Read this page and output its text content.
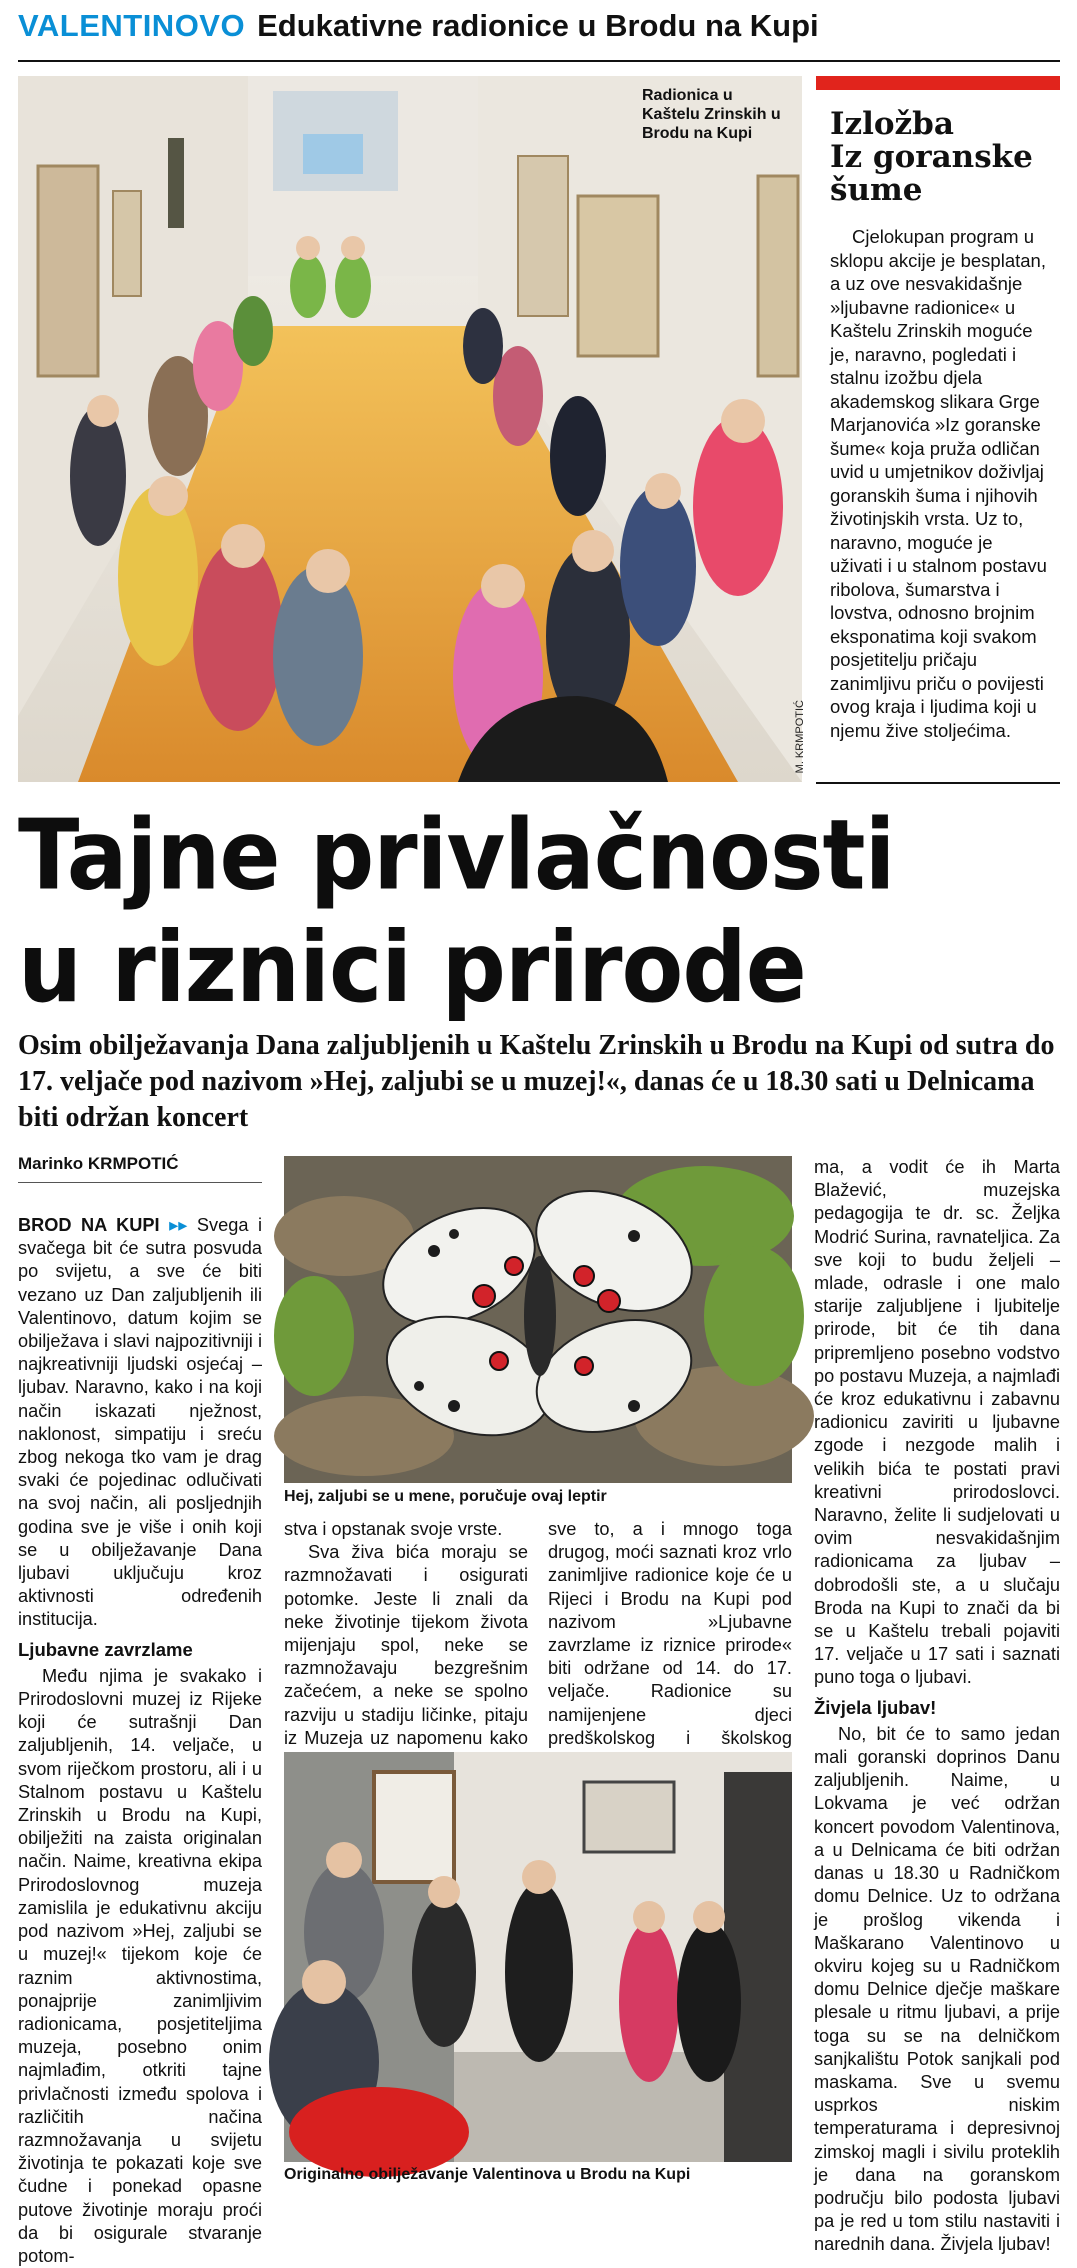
VALENTINOVO Edukativne radionice u Brodu na Kupi
Radionica u Kaštelu Zrinskih u Brodu na Kupi
M. KRMPOTIĆ
Izložba
Iz goranske
šume
Cjelokupan program u sklopu akcije je besplatan, a uz ove nesvakidašnje »ljubavne radionice« u Kaštelu Zrinskih moguće je, naravno, pogledati i stalnu izožbu djela akademskog slikara Grge Marjanovića »Iz goranske šume« koja pruža odličan uvid u umjetnikov doživljaj goranskih šuma i njihovih životinjskih vrsta. Uz to, naravno, moguće je uživati i u stalnom postavu ribolova, šumarstva i lovstva, odnosno brojnim eksponatima koji svakom posjetitelju pričaju zanimljivu priču o povijesti ovog kraja i ljudima koji u njemu žive stoljećima.
Tajne privlačnosti
u riznici prirode
Osim obilježavanja Dana zaljubljenih u Kaštelu Zrinskih u Brodu na Kupi od sutra do 17. veljače pod nazivom »Hej, zaljubi se u muzej!«, danas će u 18.30 sati u Delnicama biti održan koncert
Marinko KRMPOTIĆ

BROD NA KUPI ▸▸ Svega i svačega bit će sutra posvuda po svijetu, a sve će biti vezano uz Dan zaljubljenih ili Valentinovo, datum kojim se obilježava i slavi najpozitivniji i najkreativniji ljudski osjećaj – ljubav. Naravno, kako i na koji način iskazati nježnost, naklonost, simpatiju i sreću zbog nekoga tko vam je drag svaki će pojedinac odlučivati na svoj način, ali posljednjih godina sve je više i onih koji se u obilježavanje Dana ljubavi uključuju kroz aktivnosti određenih institucija.

Ljubavne zavrzlame

Među njima je svakako i Prirodoslovni muzej iz Rijeke koji će sutrašnji Dan zaljubljenih, 14. veljače, u svom riječkom prostoru, ali i u Stalnom postavu u Kaštelu Zrinskih u Brodu na Kupi, obilježiti na zaista originalan način. Naime, kreativna ekipa Prirodoslovnog muzeja zamislila je edukativnu akciju pod nazivom »Hej, zaljubi se u muzej!« tijekom koje će raznim aktivnostima, ponajprije zanimljivim radionicama, posjetiteljima muzeja, posebno onim najmlađim, otkriti tajne privlačnosti između spolova i različitih načina razmnožavanja u svijetu životinja te pokazati koje sve čudne i ponekad opasne putove životinje moraju proći da bi osigurale stvaranje potom-

Hej, zaljubi se u mene, poručuje ovaj leptir

stva i opstanak svoje vrste.

Sva živa bića moraju se razmnožavati i osigurati potomke. Jeste li znali da neke životinje tijekom života mijenjaju spol, neke se razmnožavaju bezgrešnim začećem, a neke se spolno razviju u stadiju ličinke, pitaju iz Muzeja uz napomenu kako

sve to, a i mnogo toga drugog, moći saznati kroz vrlo zanimljive radionice koje će u Rijeci i Brodu na Kupi pod nazivom »Ljubavne zavrzlame iz riznice prirode« biti održane od 14. do 17. veljače. Radionice su namijenjene djeci predškolskog i školskog

Originalno obilježavanje Valentinova u Brodu na Kupi

ma, a vodit će ih Marta Blažević, muzejska pedagogija te dr. sc. Željka Modrić Surina, ravnateljica. Za sve koji to budu željeli – mlade, odrasle i one malo starije zaljubljene i ljubitelje prirode, bit će tih dana pripremljeno posebno vodstvo po postavu Muzeja, a najmlađi će kroz edukativnu i zabavnu radionicu zaviriti u ljubavne zgode i nezgode malih i velikih bića te postati pravi kreativni prirodoslovci. Naravno, želite li sudjelovati u ovim nesvakidašnjim radionicama za ljubav – dobrodošli ste, a u slučaju Broda na Kupi to znači da bi se u Kaštelu trebali pojaviti 17. veljače u 17 sati i saznati puno toga o ljubavi.

Živjela ljubav!

No, bit će to samo jedan mali goranski doprinos Danu zaljubljenih. Naime, u Lokvama je već održan koncert povodom Valentinova, a u Delnicama će biti održan danas u 18.30 u Radničkom domu Delnice. Uz to održana je prošlog vikenda i Maškarano Valentinovo u okviru kojeg su u Radničkom domu Delnice dječje maškare plesale u ritmu ljubavi, a prije toga su se na delničkom sanjkalištu Potok sanjkali pod maskama. Sve u svemu usprkos niskim temperaturama i depresivnoj zimskoj magli i sivilu proteklih je dana na goranskom području bilo podosta ljubavi pa je red u tom stilu nastaviti i narednih dana. Živjela ljubav!
